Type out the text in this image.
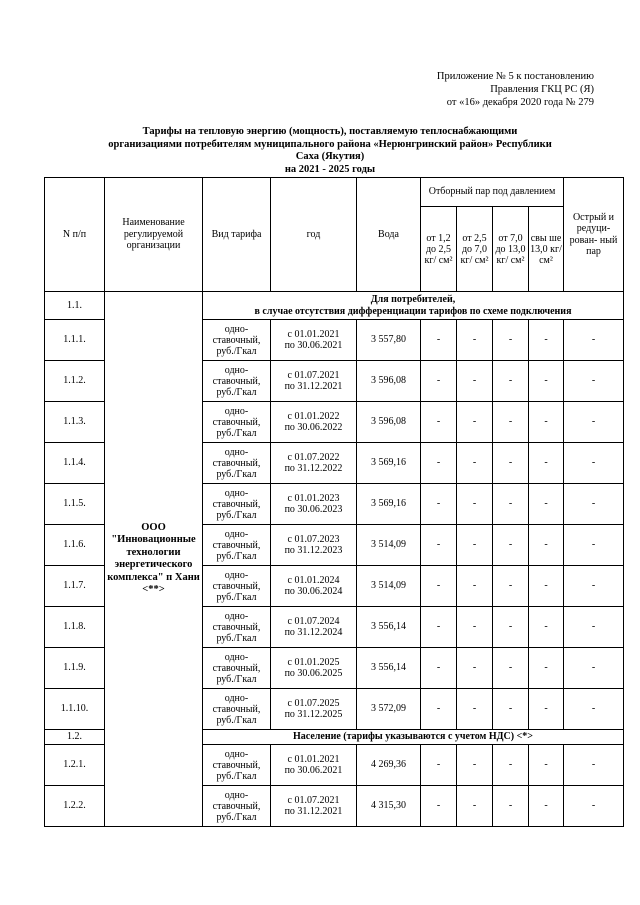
Приложение № 5 к постановлению
Правления ГКЦ РС (Я)
от «16» декабря 2020 года № 279
Тарифы на тепловую энергию (мощность), поставляемую теплоснабжающими
организациями потребителям муниципального района «Нерюнгринский район» Республики
Саха (Якутия)
на 2021 - 2025 годы
N п/п	Наименование регулируемой организации	Вид тарифа	год	Вода	Отборный пар под давлением				Острый и редуци- рован- ный пар
					от 1,2 до 2,5 кг/ см²	от 2,5 до 7,0 кг/ см²	от 7,0 до 13,0 кг/ см²	свы ше 13,0 кг/ см²	
1.1.	ООО "Инновационные технологии энергетического комплекса" п Хани <**>	Для потребителей,
в случае отсутствия дифференциации тарифов по схеме подключения							

1.1.1.		одно- ставочный, руб./Гкал	с 01.01.2021
по 30.06.2021	3 557,80	-	-	-	-	-
1.1.2.		одно- ставочный, руб./Гкал	с 01.07.2021
по 31.12.2021	3 596,08	-	-	-	-	-
1.1.3.		одно- ставочный, руб./Гкал	с 01.01.2022
по 30.06.2022	3 596,08	-	-	-	-	-
1.1.4.		одно- ставочный, руб./Гкал	с 01.07.2022
по 31.12.2022	3 569,16	-	-	-	-	-
1.1.5.		одно- ставочный, руб./Гкал	с 01.01.2023
по 30.06.2023	3 569,16	-	-	-	-	-
1.1.6.		одно- ставочный, руб./Гкал	с 01.07.2023
по 31.12.2023	3 514,09	-	-	-	-	-
1.1.7.		одно- ставочный, руб./Гкал	с 01.01.2024
по 30.06.2024	3 514,09	-	-	-	-	-
1.1.8.		одно- ставочный, руб./Гкал	с 01.07.2024
по 31.12.2024	3 556,14	-	-	-	-	-
1.1.9.		одно- ставочный, руб./Гкал	с 01.01.2025
по 30.06.2025	3 556,14	-	-	-	-	-
1.1.10.		одно- ставочный, руб./Гкал	с 01.07.2025
по 31.12.2025	3 572,09	-	-	-	-	-
1.2.		Население (тарифы указываются с учетом НДС) <*>							
1.2.1.		одно- ставочный, руб./Гкал	с 01.01.2021
по 30.06.2021	4 269,36	-	-	-	-	-
1.2.2.		одно- ставочный, руб./Гкал	с 01.07.2021
по 31.12.2021	4 315,30	-	-	-	-	-
